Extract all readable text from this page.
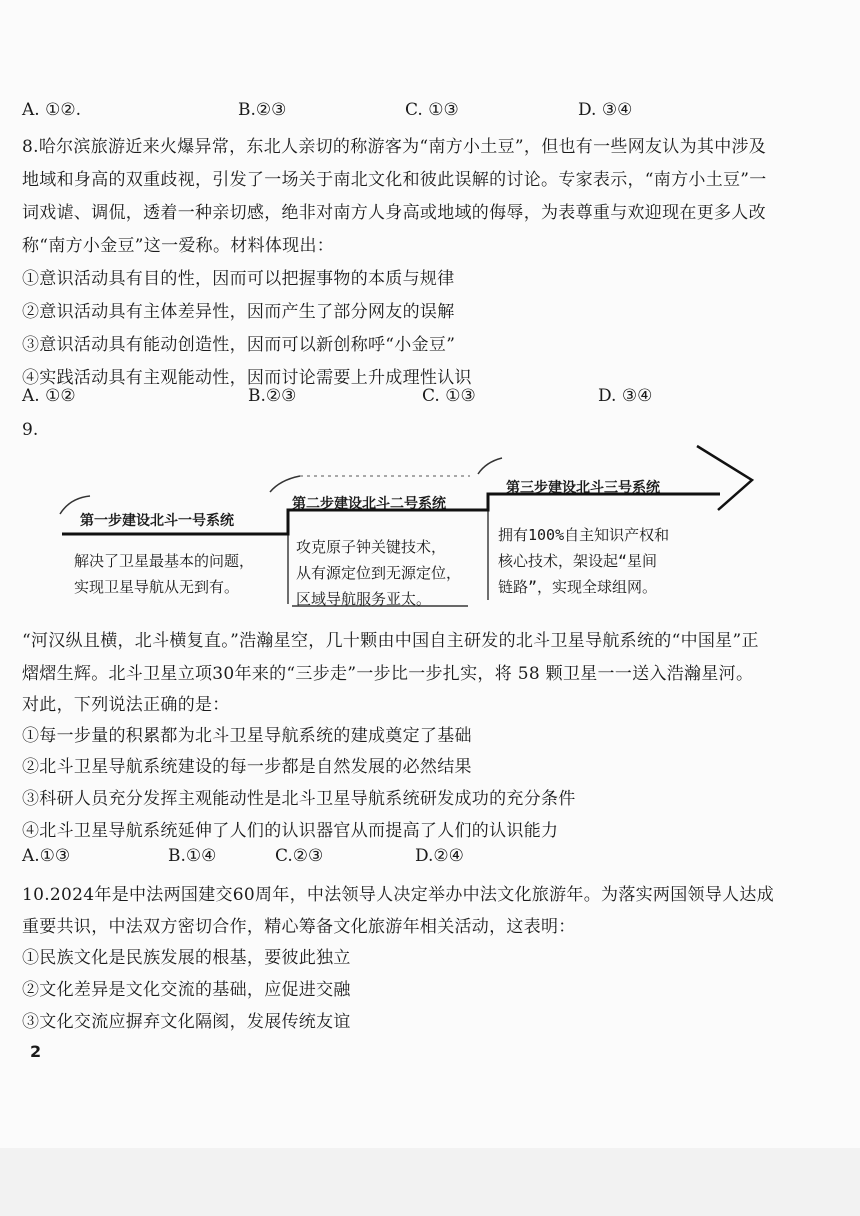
A. ①②.	B.②③	C. ①③	D. ③④
8.哈尔滨旅游近来火爆异常，东北人亲切的称游客为“南方小土豆”，但也有一些网友认为其中涉及
地域和身高的双重歧视，引发了一场关于南北文化和彼此误解的讨论。专家表示，“南方小土豆”一
词戏谑、调侃，透着一种亲切感，绝非对南方人身高或地域的侮辱，为表尊重与欢迎现在更多人改
称“南方小金豆”这一爱称。材料体现出：
①意识活动具有目的性，因而可以把握事物的本质与规律
②意识活动具有主体差异性，因而产生了部分网友的误解
③意识活动具有能动创造性，因而可以新创称呼“小金豆”
④实践活动具有主观能动性，因而讨论需要上升成理性认识
A. ①②	B.②③	C. ①③	D. ③④
9.
第一步建设北斗一号系统
第二步建设北斗二号系统
第三步建设北斗三号系统
解决了卫星最基本的问题，
实现卫星导航从无到有。
攻克原子钟关键技术，
从有源定位到无源定位，
区域导航服务亚太。
拥有100%自主知识产权和
核心技术，架设起“星间
链路”，实现全球组网。
“河汉纵且横，北斗横复直。”浩瀚星空，几十颗由中国自主研发的北斗卫星导航系统的“中国星”正
熠熠生辉。北斗卫星立项30年来的“三步走”一步比一步扎实，将 58 颗卫星一一送入浩瀚星河。
对此，下列说法正确的是：
①每一步量的积累都为北斗卫星导航系统的建成奠定了基础
②北斗卫星导航系统建设的每一步都是自然发展的必然结果
③科研人员充分发挥主观能动性是北斗卫星导航系统研发成功的充分条件
④北斗卫星导航系统延伸了人们的认识器官从而提高了人们的认识能力
A.①③	B.①④	C.②③	D.②④
10.2024年是中法两国建交60周年，中法领导人决定举办中法文化旅游年。为落实两国领导人达成
重要共识，中法双方密切合作，精心筹备文化旅游年相关活动，这表明：
①民族文化是民族发展的根基，要彼此独立
②文化差异是文化交流的基础，应促进交融
③文化交流应摒弃文化隔阂，发展传统友谊
2
